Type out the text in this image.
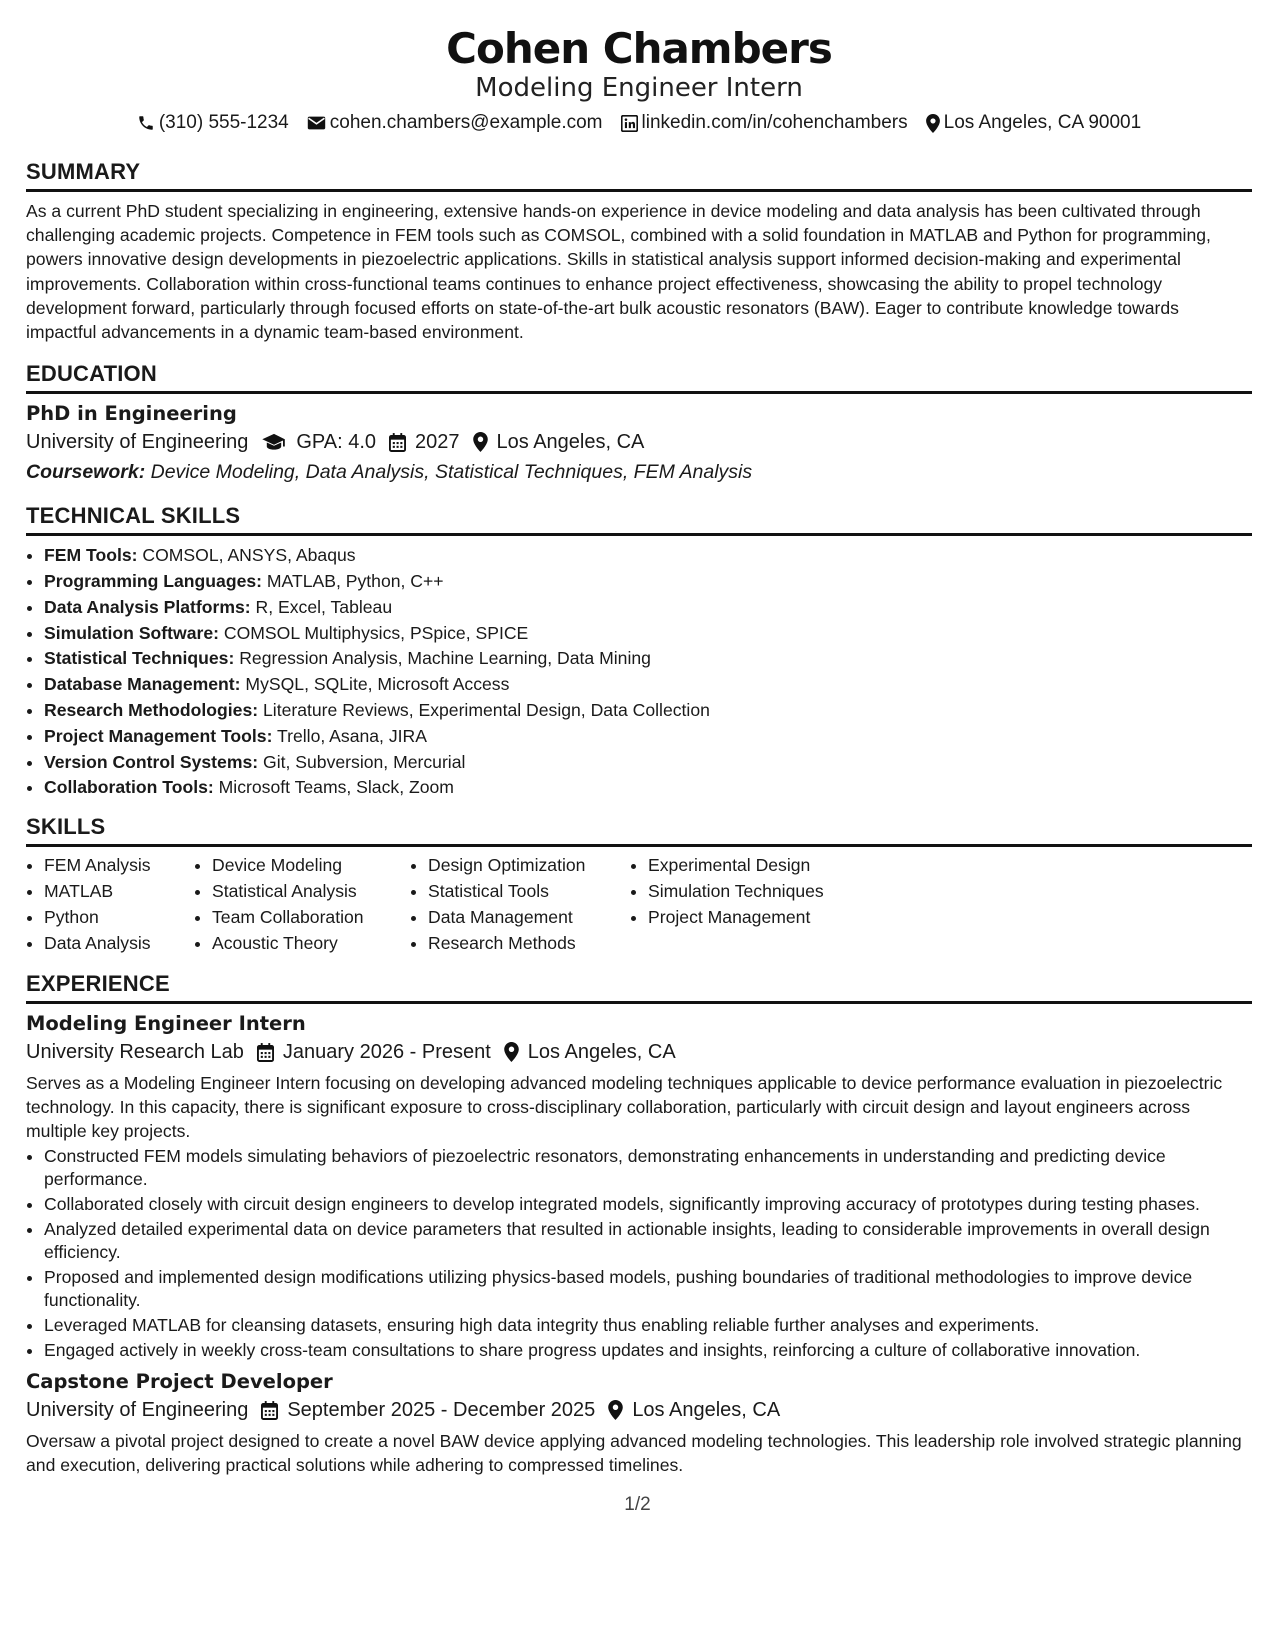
Cohen Chambers
Modeling Engineer Intern
(310) 555-1234 cohen.chambers@example.com linkedin.com/in/cohenchambers Los Angeles, CA 90001
SUMMARY

As a current PhD student specializing in engineering, extensive hands-on experience in device modeling and data analysis has been cultivated through challenging academic projects. Competence in FEM tools such as COMSOL, combined with a solid foundation in MATLAB and Python for programming, powers innovative design developments in piezoelectric applications. Skills in statistical analysis support informed decision-making and experimental improvements. Collaboration within cross-functional teams continues to enhance project effectiveness, showcasing the ability to propel technology development forward, particularly through focused efforts on state-of-the-art bulk acoustic resonators (BAW). Eager to contribute knowledge towards impactful advancements in a dynamic team-based environment.

EDUCATION
PhD in Engineering
University of Engineering GPA: 4.0 2027 Los Angeles, CA
Coursework: Device Modeling, Data Analysis, Statistical Techniques, FEM Analysis
TECHNICAL SKILLS
• FEM Tools: COMSOL, ANSYS, Abaqus
• Programming Languages: MATLAB, Python, C++
• Data Analysis Platforms: R, Excel, Tableau
• Simulation Software: COMSOL Multiphysics, PSpice, SPICE
• Statistical Techniques: Regression Analysis, Machine Learning, Data Mining
• Database Management: MySQL, SQLite, Microsoft Access
• Research Methodologies: Literature Reviews, Experimental Design, Data Collection
• Project Management Tools: Trello, Asana, JIRA
• Version Control Systems: Git, Subversion, Mercurial
• Collaboration Tools: Microsoft Teams, Slack, Zoom
SKILLS
• FEM Analysis
• MATLAB
• Python
• Data Analysis
• Device Modeling
• Statistical Analysis
• Team Collaboration
• Acoustic Theory
• Design Optimization
• Statistical Tools
• Data Management
• Research Methods
• Experimental Design
• Simulation Techniques
• Project Management
EXPERIENCE
Modeling Engineer Intern
University Research Lab January 2026 - Present Los Angeles, CA

Serves as a Modeling Engineer Intern focusing on developing advanced modeling techniques applicable to device performance evaluation in piezoelectric technology. In this capacity, there is significant exposure to cross-disciplinary collaboration, particularly with circuit design and layout engineers across multiple key projects.

• Constructed FEM models simulating behaviors of piezoelectric resonators, demonstrating enhancements in understanding and predicting device performance.
• Collaborated closely with circuit design engineers to develop integrated models, significantly improving accuracy of prototypes during testing phases.
• Analyzed detailed experimental data on device parameters that resulted in actionable insights, leading to considerable improvements in overall design efficiency.
• Proposed and implemented design modifications utilizing physics-based models, pushing boundaries of traditional methodologies to improve device functionality.
• Leveraged MATLAB for cleansing datasets, ensuring high data integrity thus enabling reliable further analyses and experiments.
• Engaged actively in weekly cross-team consultations to share progress updates and insights, reinforcing a culture of collaborative innovation.
Capstone Project Developer
University of Engineering September 2025 - December 2025 Los Angeles, CA

Oversaw a pivotal project designed to create a novel BAW device applying advanced modeling technologies. This leadership role involved strategic planning and execution, delivering practical solutions while adhering to compressed timelines.

1/2
